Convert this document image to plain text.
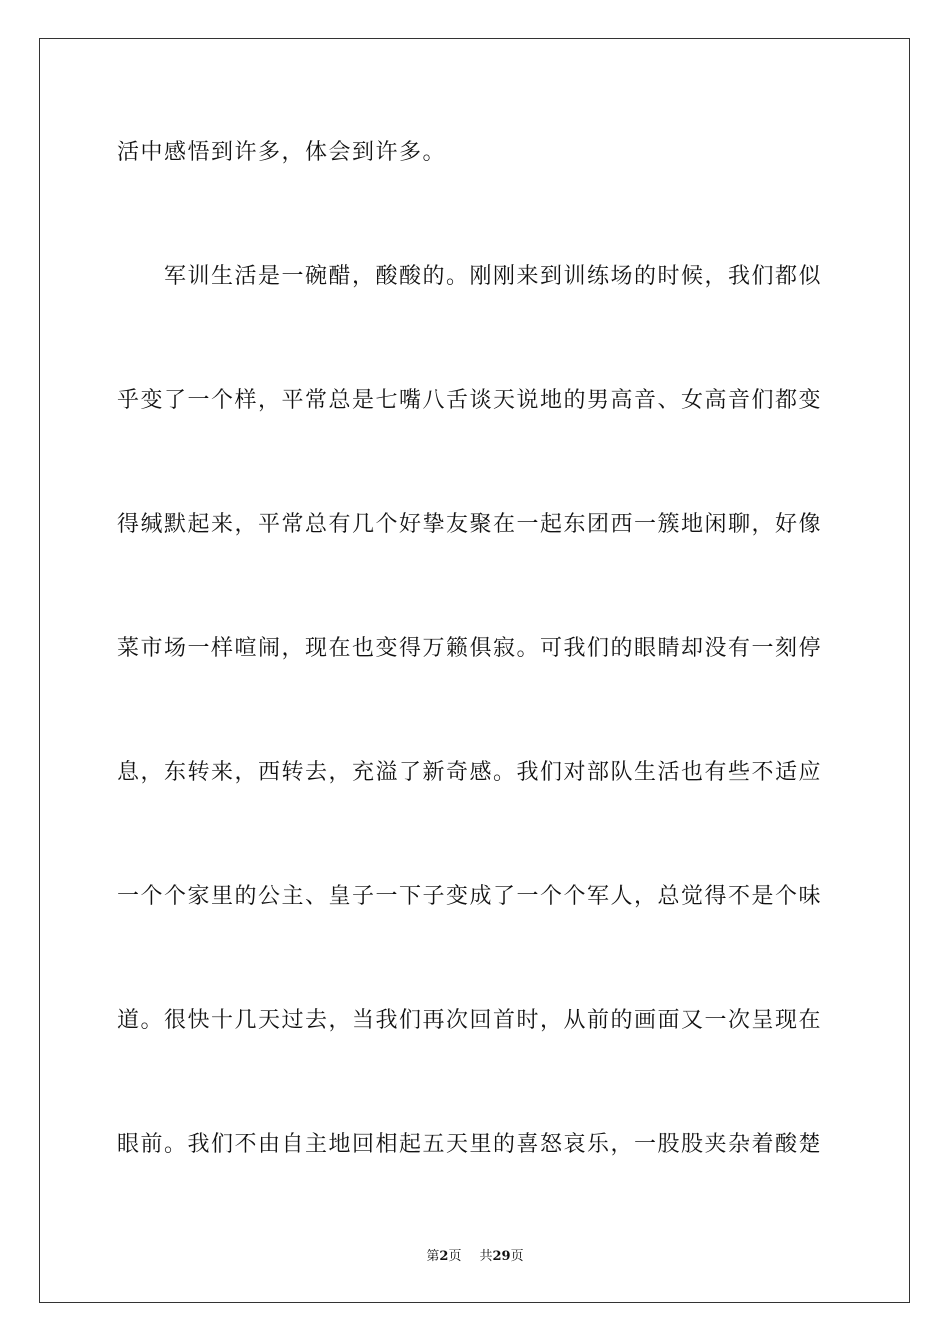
活中感悟到许多，体会到许多。
军训生活是一碗醋，酸酸的。刚刚来到训练场的时候，我们都似
乎变了一个样，平常总是七嘴八舌谈天说地的男高音、女高音们都变
得缄默起来，平常总有几个好挚友聚在一起东团西一簇地闲聊，好像
菜市场一样喧闹，现在也变得万籁俱寂。可我们的眼睛却没有一刻停
息，东转来，西转去，充溢了新奇感。我们对部队生活也有些不适应
一个个家里的公主、皇子一下子变成了一个个军人，总觉得不是个味
道。很快十几天过去，当我们再次回首时，从前的画面又一次呈现在
眼前。我们不由自主地回相起五天里的喜怒哀乐，一股股夹杂着酸楚
第2页 共29页
